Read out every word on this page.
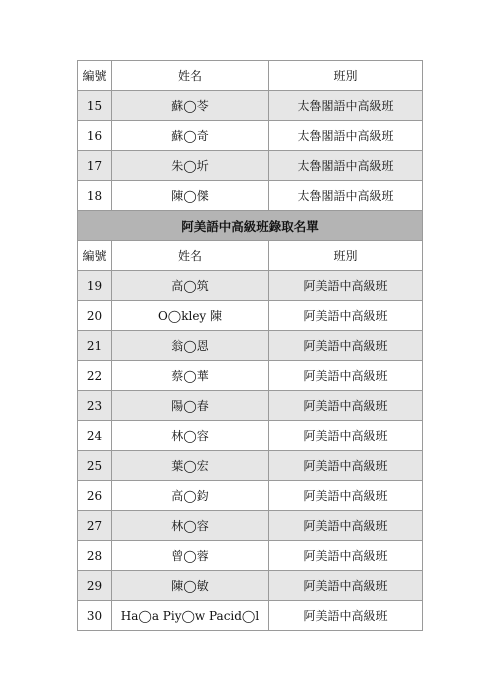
編號	姓名	班別
15	蘇◯苓	太魯閣語中高級班
16	蘇◯奇	太魯閣語中高級班
17	朱◯圻	太魯閣語中高級班
18	陳◯傑	太魯閣語中高級班
阿美語中高級班錄取名單		
編號	姓名	班別
19	高◯筑	阿美語中高級班
20	O◯kley 陳	阿美語中高級班
21	翁◯恩	阿美語中高級班
22	蔡◯華	阿美語中高級班
23	陽◯春	阿美語中高級班
24	林◯容	阿美語中高級班
25	葉◯宏	阿美語中高級班
26	高◯鈞	阿美語中高級班
27	林◯容	阿美語中高級班
28	曾◯蓉	阿美語中高級班
29	陳◯敏	阿美語中高級班
30	Ha◯a Piy◯w Pacid◯l	阿美語中高級班
